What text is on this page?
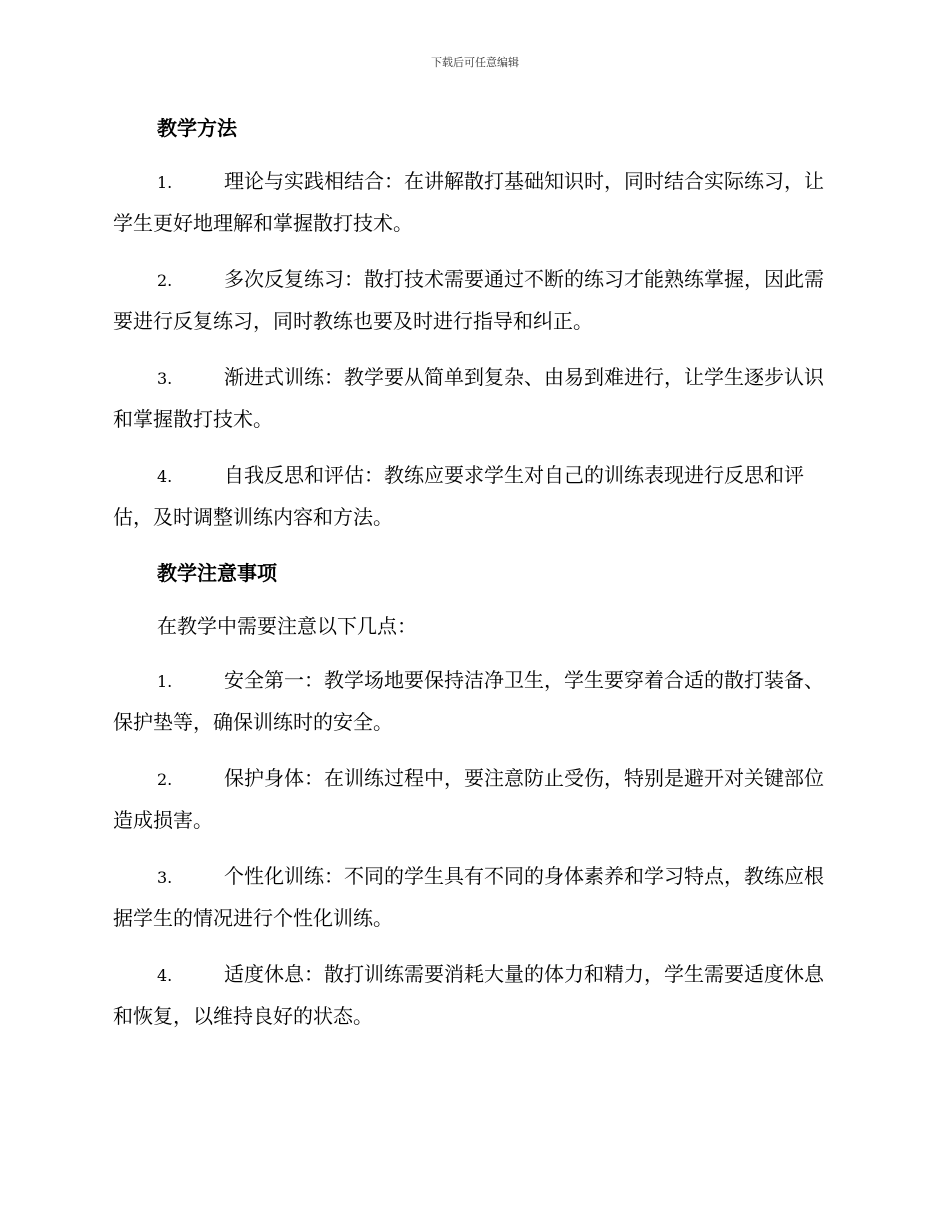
下载后可任意编辑
教学方法

1.	理论与实践相结合：在讲解散打基础知识时，同时结合实际练习，让学生更好地理解和掌握散打技术。

2.	多次反复练习：散打技术需要通过不断的练习才能熟练掌握，因此需要进行反复练习，同时教练也要及时进行指导和纠正。

3.	渐进式训练：教学要从简单到复杂、由易到难进行，让学生逐步认识和掌握散打技术。

4.	自我反思和评估：教练应要求学生对自己的训练表现进行反思和评估，及时调整训练内容和方法。

教学注意事项

在教学中需要注意以下几点：

1.	安全第一：教学场地要保持洁净卫生，学生要穿着合适的散打装备、保护垫等，确保训练时的安全。

2.	保护身体：在训练过程中，要注意防止受伤，特别是避开对关键部位造成损害。

3.	个性化训练：不同的学生具有不同的身体素养和学习特点，教练应根据学生的情况进行个性化训练。

4.	适度休息：散打训练需要消耗大量的体力和精力，学生需要适度休息和恢复，以维持良好的状态。
